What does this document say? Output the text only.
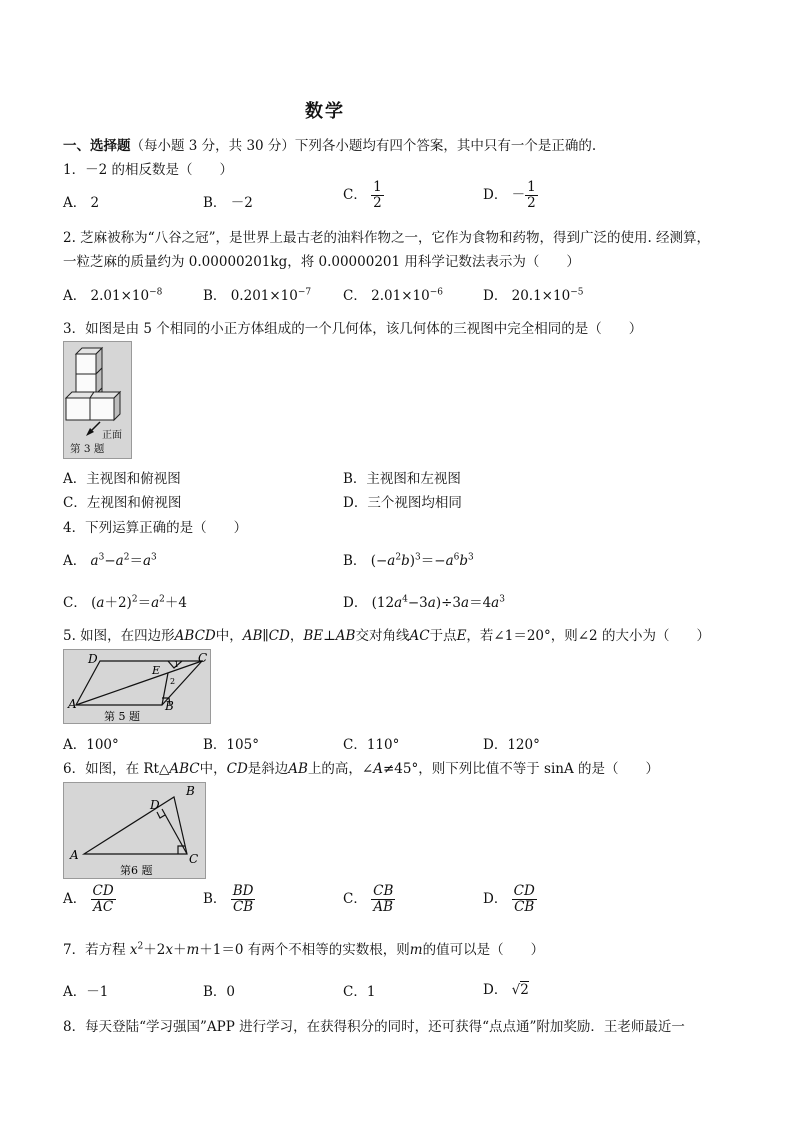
数学
一、选择题（每小题 3 分，共 30 分）下列各小题均有四个答案，其中只有一个是正确的.
1．－2 的相反数是（　　）
A． 2	B． －2
C． $\frac{1}{2}$	D． － $\frac{1}{2}$
2. 芝麻被称为“八谷之冠”，是世界上最古老的油料作物之一，它作为食物和药物，得到广泛的使用. 经测算，
一粒芝麻的质量约为 0.00000201kg，将 0.00000201 用科学记数法表示为（　　）
A． $2.01\times 10^{-8}$	B． $0.201\times 10^{-7}$ C． $2.01\times 10^{-6}$	D． $20.1\times 10^{-5}$
3．如图是由 5 个相同的小正方体组成的一个几何体，该几何体的三视图中完全相同的是（　　）
正面
第 3 题
A．主视图和俯视图	B．主视图和左视图
C．左视图和俯视图	D．三个视图均相同
4．下列运算正确的是（　　）
A． $a^3-a^2=a^3$	B． $(-a^2b)^3=-a^6b^3$
C． $(a+2)^2=a^2+4$	D． $(12a^4-3a)\div 3a=4a^3$
5. 如图，在四边形ABCD中，AB∥CD，BE⊥AB交对角线AC于点E，若∠1＝20°，则∠2 的大小为（　　）
A	B
C
D
E 1
2
第 5 题
A．100°	B．105°	C．110°	D．120°
6．如图，在 Rt△ABC中，CD是斜边AB上的高，∠A≠45°，则下列比值不等于 sinA 的是（　　）
A
B
C
D
第6 题
A． $\frac{CD}{AC}$	B． $\frac{BD}{CB}$	C． $\frac{CB}{AB}$	D． $\frac{CD}{CB}$
7．若方程 $x^2+2x+m+1=0$ 有两个不相等的实数根，则m的值可以是（　　）
A．－1	B．0	C．1	D． √2
8．每天登陆“学习强国”APP 进行学习，在获得积分的同时，还可获得“点点通”附加奖励．王老师最近一
